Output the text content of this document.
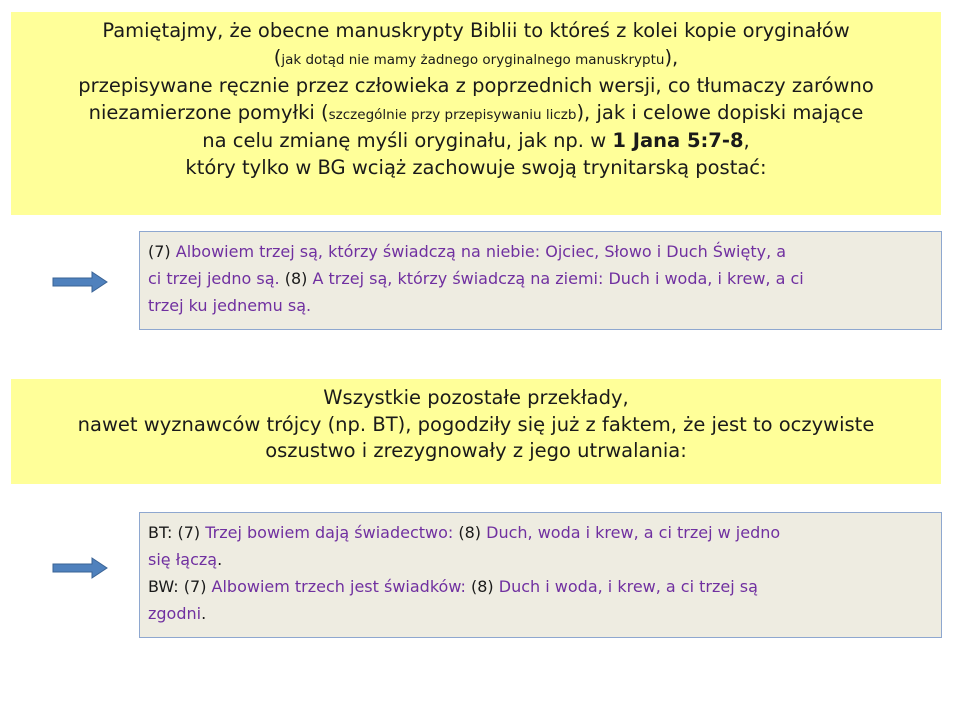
Pamiętajmy, że obecne manuskrypty Biblii to któreś z kolei kopie oryginałów
(jak dotąd nie mamy żadnego oryginalnego manuskryptu),
przepisywane ręcznie przez człowieka z poprzednich wersji, co tłumaczy zarówno
niezamierzone pomyłki (szczególnie przy przepisywaniu liczb), jak i celowe dopiski mające
na celu zmianę myśli oryginału, jak np. w 1 Jana 5:7-8,
który tylko w BG wciąż zachowuje swoją trynitarską postać:
(7) Albowiem trzej są, którzy świadczą na niebie: Ojciec, Słowo i Duch Święty, a
ci trzej jedno są. (8) A trzej są, którzy świadczą na ziemi: Duch i woda, i krew, a ci
trzej ku jednemu są.
Wszystkie pozostałe przekłady,
nawet wyznawców trójcy (np. BT), pogodziły się już z faktem, że jest to oczywiste
oszustwo i zrezygnowały z jego utrwalania:
BT: (7) Trzej bowiem dają świadectwo: (8) Duch, woda i krew, a ci trzej w jedno
się łączą.
BW: (7) Albowiem trzech jest świadków: (8) Duch i woda, i krew, a ci trzej są
zgodni.
